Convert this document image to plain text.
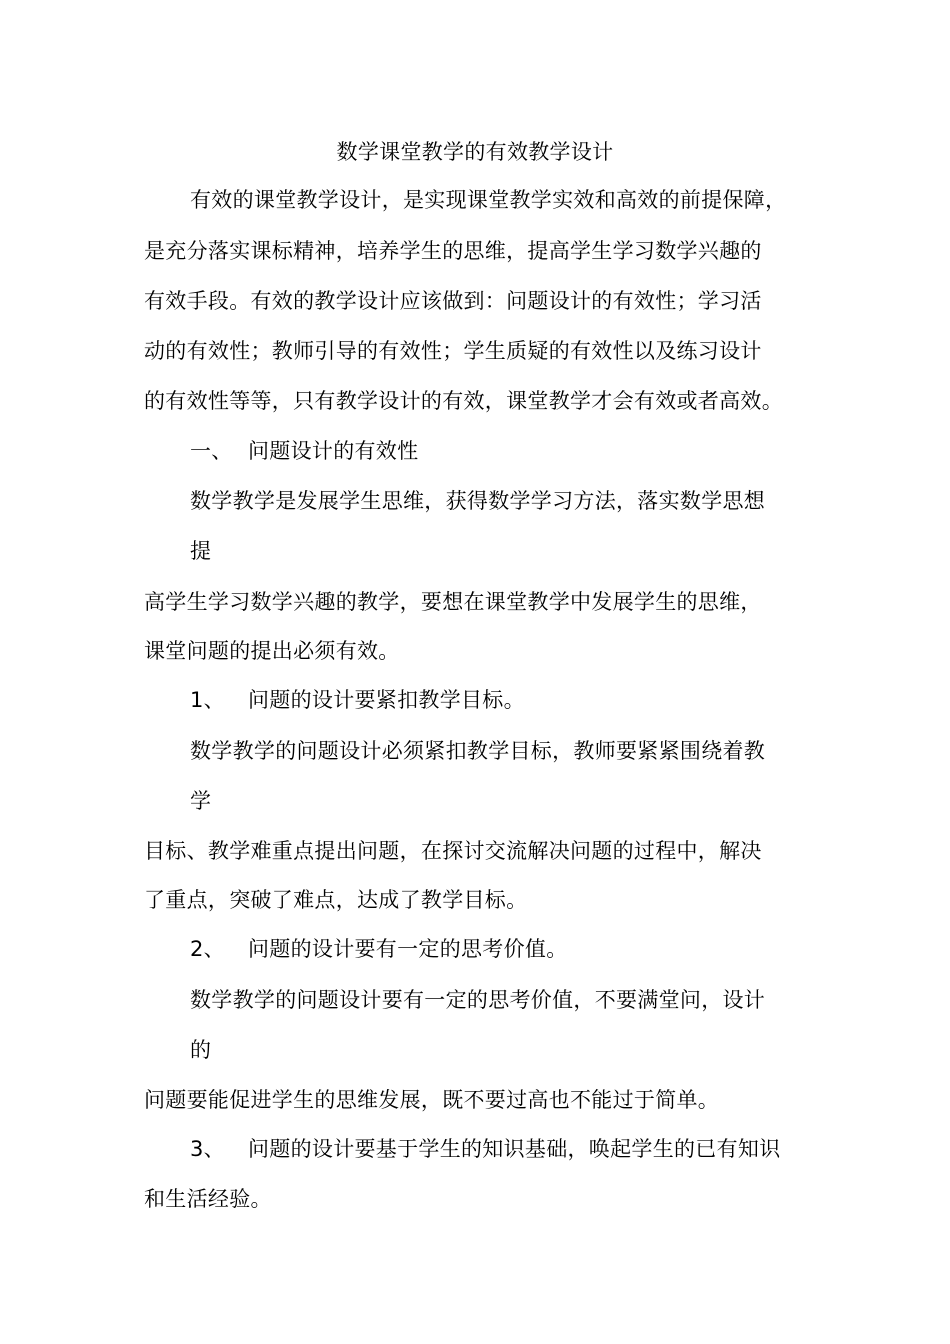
数学课堂教学的有效教学设计
有效的课堂教学设计，是实现课堂教学实效和高效的前提保障，
是充分落实课标精神，培养学生的思维，提高学生学习数学兴趣的
有效手段。有效的教学设计应该做到：问题设计的有效性；学习活
动的有效性；教师引导的有效性；学生质疑的有效性以及练习设计
的有效性等等，只有教学设计的有效，课堂教学才会有效或者高效。
一、 问题设计的有效性
数学教学是发展学生思维，获得数学学习方法，落实数学思想
提
高学生学习数学兴趣的教学，要想在课堂教学中发展学生的思维，
课堂问题的提出必须有效。
1、 问题的设计要紧扣教学目标。
数学教学的问题设计必须紧扣教学目标，教师要紧紧围绕着教
学
目标、教学难重点提出问题，在探讨交流解决问题的过程中，解决
了重点，突破了难点，达成了教学目标。
2、 问题的设计要有一定的思考价值。
数学教学的问题设计要有一定的思考价值，不要满堂问，设计
的
问题要能促进学生的思维发展，既不要过高也不能过于简单。
3、 问题的设计要基于学生的知识基础，唤起学生的已有知识
和生活经验。
